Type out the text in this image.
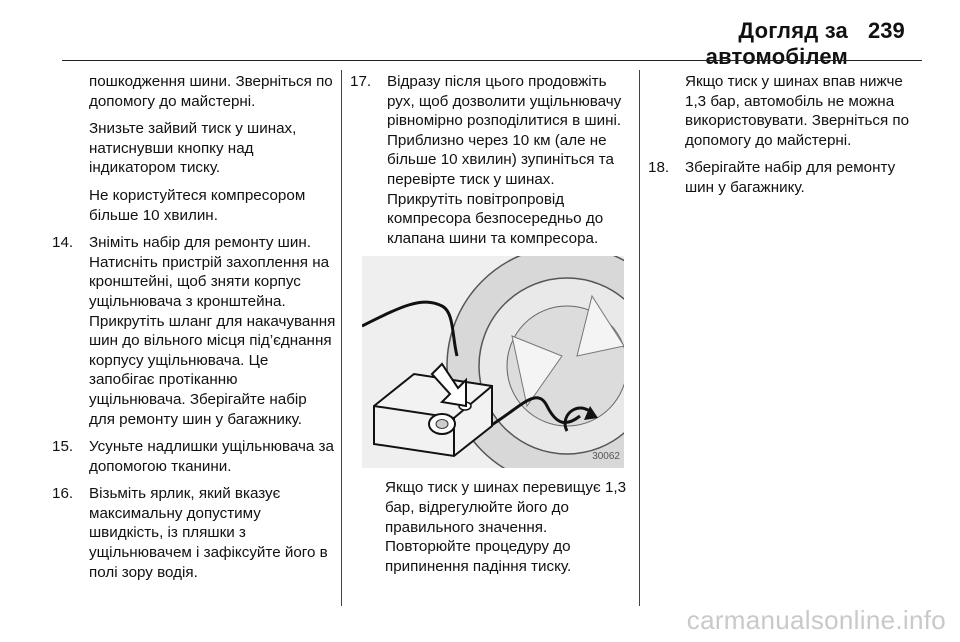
Догляд за автомобілем
239

пошкодження шини. Зверніться по допомогу до майстерні.

Знизьте зайвий тиск у шинах, натиснувши кнопку над індикатором тиску.

Не користуйтеся компресором більше 10 хвилин.

14.	Зніміть набір для ремонту шин. Натисніть пристрій захоплення на кронштейні, щоб зняти корпус ущільнювача з кронштейна. Прикрутіть шланг для накачування шин до вільного місця під’єднання корпусу ущільнювача. Це запобігає протіканню ущільнювача. Зберігайте набір для ремонту шин у багажнику.
15.	Усуньте надлишки ущільнювача за допомогою тканини.
16.	Візьміть ярлик, який вказує максимальну допустиму швидкість, із пляшки з ущільнювачем і зафіксуйте його в полі зору водія.
17.	Відразу після цього продовжіть рух, щоб дозволити ущільнювачу рівномірно розподілитися в шині. Приблизно через 10 км (але не більше 10 хвилин) зупиніться та перевірте тиск у шинах. Прикрутіть повітропровід компресора безпосередньо до клапана шини та компресора.
30062

Якщо тиск у шинах перевищує 1,3 бар, відрегулюйте його до правильного значення. Повторюйте процедуру до припинення падіння тиску.

Якщо тиск у шинах впав нижче 1,3 бар, автомобіль не можна використовувати. Зверніться по допомогу до майстерні.

18.	Зберігайте набір для ремонту шин у багажнику.
carmanualsonline.info
